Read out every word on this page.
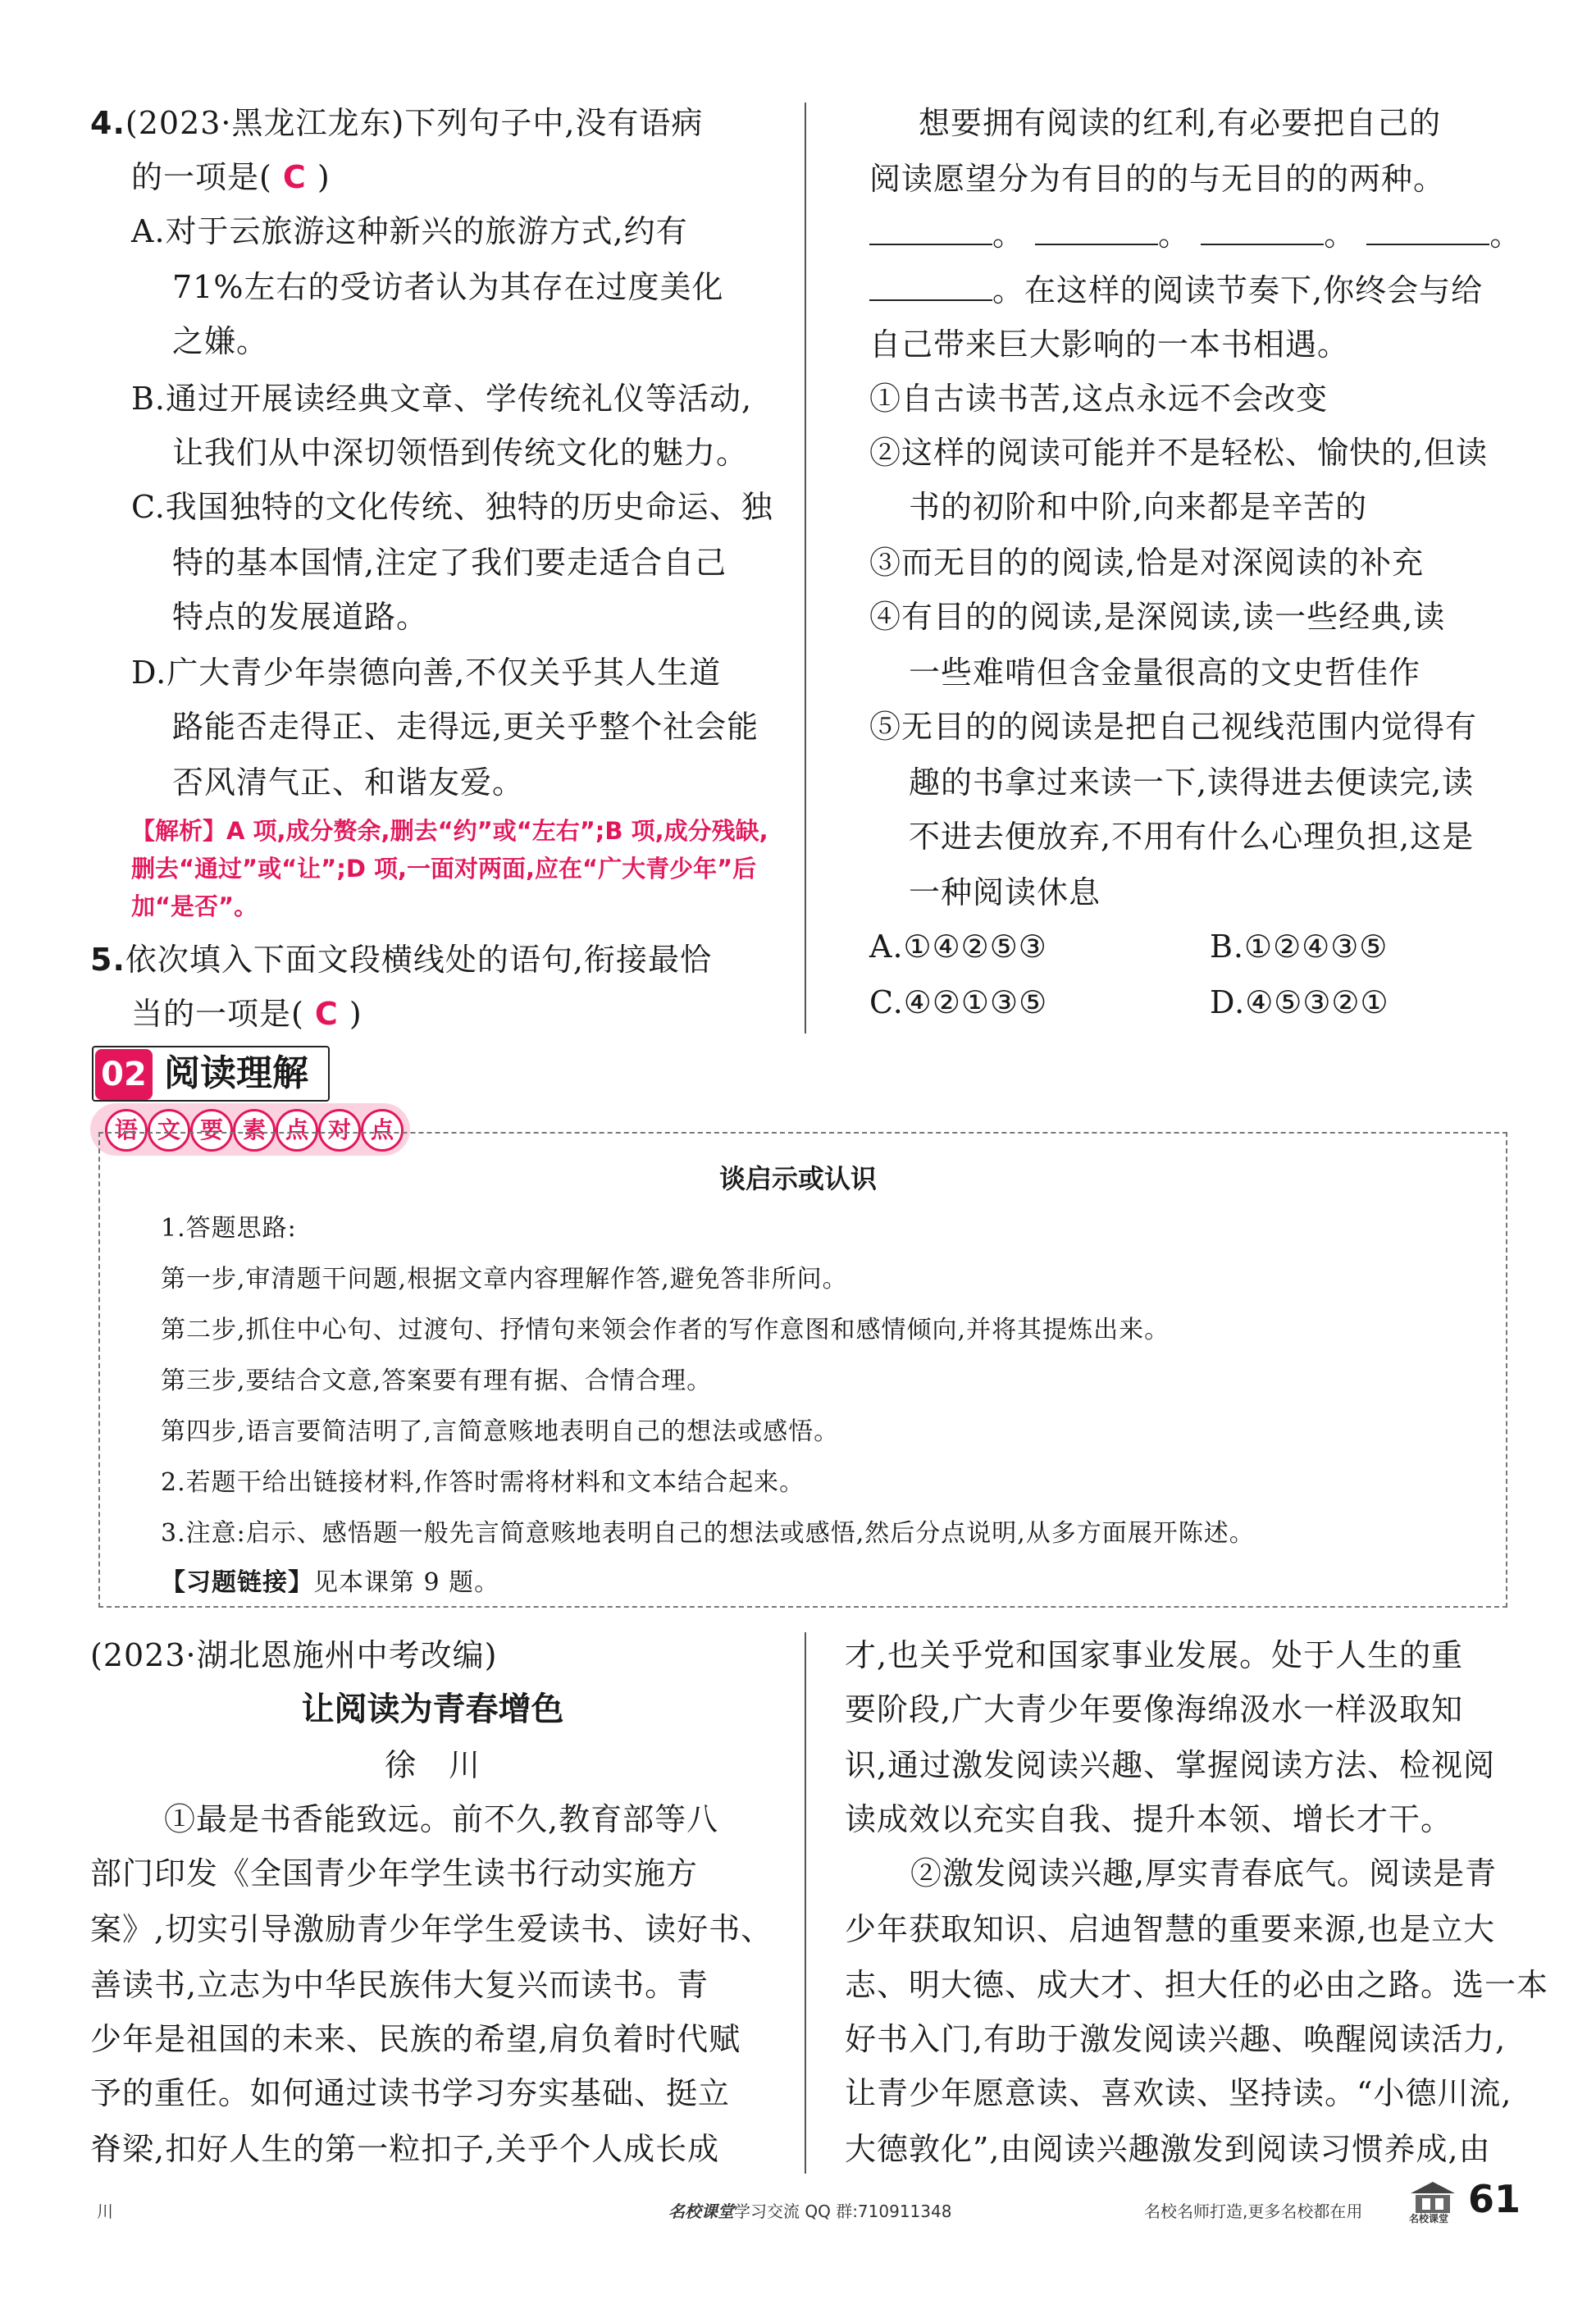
4.(2023·黑龙江龙东)下列句子中,没有语病
的一项是( C )
A.对于云旅游这种新兴的旅游方式,约有
71%左右的受访者认为其存在过度美化
之嫌。
B.通过开展读经典文章、学传统礼仪等活动,
让我们从中深切领悟到传统文化的魅力。
C.我国独特的文化传统、独特的历史命运、独
特的基本国情,注定了我们要走适合自己
特点的发展道路。
D.广大青少年崇德向善,不仅关乎其人生道
路能否走得正、走得远,更关乎整个社会能
否风清气正、和谐友爱。
【解析】A 项,成分赘余,删去“约”或“左右”;B 项,成分残缺,
删去“通过”或“让”;D 项,一面对两面,应在“广大青少年”后
加“是否”。
5.依次填入下面文段横线处的语句,衔接最恰
当的一项是( C )
想要拥有阅读的红利,有必要把自己的
阅读愿望分为有目的的与无目的的两种。
。	。	。	。
。在这样的阅读节奏下,你终会与给
自己带来巨大影响的一本书相遇。
①自古读书苦,这点永远不会改变
②这样的阅读可能并不是轻松、愉快的,但读
书的初阶和中阶,向来都是辛苦的
③而无目的的阅读,恰是对深阅读的补充
④有目的的阅读,是深阅读,读一些经典,读
一些难啃但含金量很高的文史哲佳作
⑤无目的的阅读是把自己视线范围内觉得有
趣的书拿过来读一下,读得进去便读完,读
不进去便放弃,不用有什么心理负担,这是
一种阅读休息
A.①④②⑤③	B.①②④③⑤
C.④②①③⑤	D.④⑤③②①
02 阅读理解
语 文 要 素 点 对 点
谈启示或认识
1.答题思路:
第一步,审清题干问题,根据文章内容理解作答,避免答非所问。
第二步,抓住中心句、过渡句、抒情句来领会作者的写作意图和感情倾向,并将其提炼出来。
第三步,要结合文意,答案要有理有据、合情合理。
第四步,语言要简洁明了,言简意赅地表明自己的想法或感悟。
2.若题干给出链接材料,作答时需将材料和文本结合起来。
3.注意:启示、感悟题一般先言简意赅地表明自己的想法或感悟,然后分点说明,从多方面展开陈述。
【习题链接】见本课第 9 题。
(2023·湖北恩施州中考改编)
让阅读为青春增色
徐　川
①最是书香能致远。前不久,教育部等八
部门印发《全国青少年学生读书行动实施方
案》,切实引导激励青少年学生爱读书、读好书、
善读书,立志为中华民族伟大复兴而读书。青
少年是祖国的未来、民族的希望,肩负着时代赋
予的重任。如何通过读书学习夯实基础、挺立
脊梁,扣好人生的第一粒扣子,关乎个人成长成
才,也关乎党和国家事业发展。处于人生的重
要阶段,广大青少年要像海绵汲水一样汲取知
识,通过激发阅读兴趣、掌握阅读方法、检视阅
读成效以充实自我、提升本领、增长才干。
②激发阅读兴趣,厚实青春底气。阅读是青
少年获取知识、启迪智慧的重要来源,也是立大
志、明大德、成大才、担大任的必由之路。选一本
好书入门,有助于激发阅读兴趣、唤醒阅读活力,
让青少年愿意读、喜欢读、坚持读。“小德川流,
大德敦化”,由阅读兴趣激发到阅读习惯养成,由
川	名校课堂学习交流 QQ 群:710911348	名校名师打造,更多名校都在用	名校课堂 61
